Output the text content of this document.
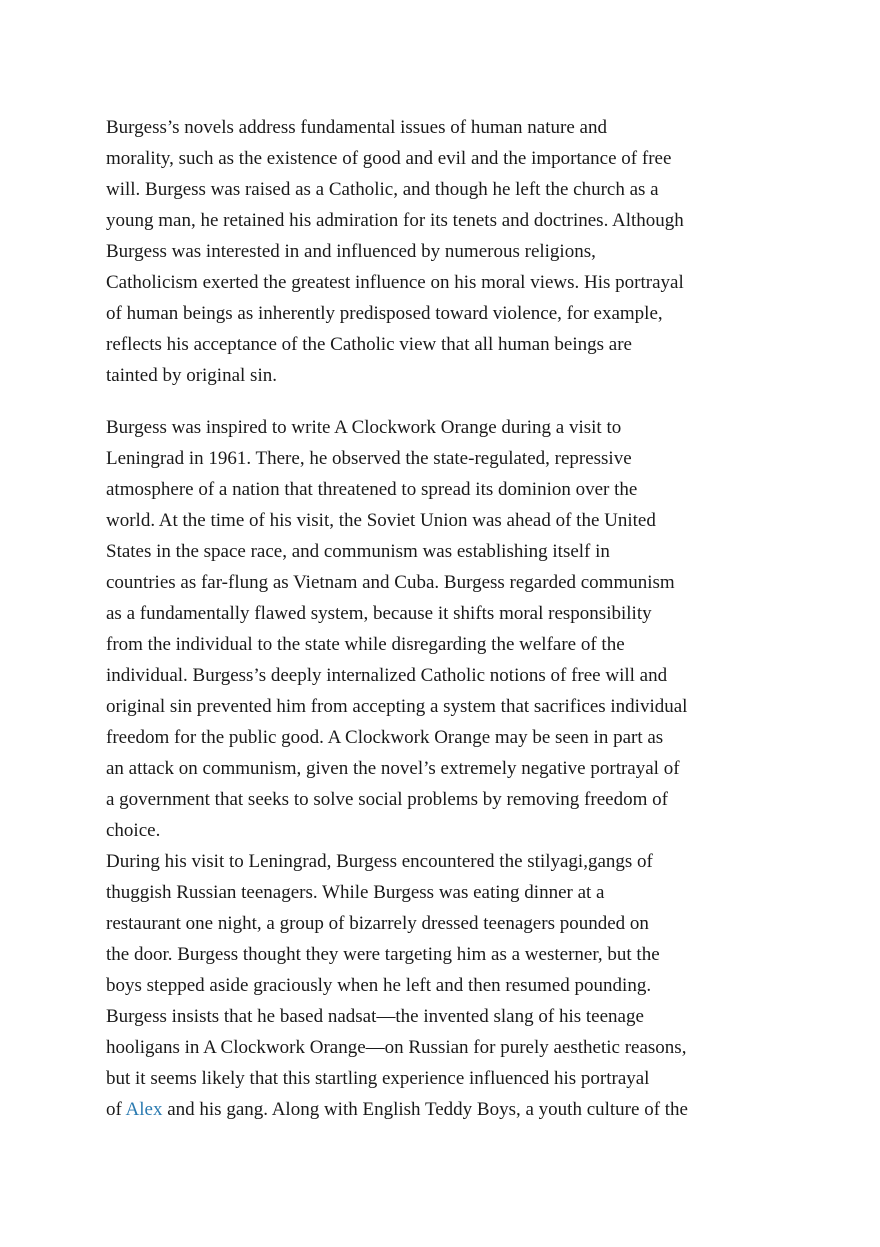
Burgess’s novels address fundamental issues of human nature and
morality, such as the existence of good and evil and the importance of free
will. Burgess was raised as a Catholic, and though he left the church as a
young man, he retained his admiration for its tenets and doctrines. Although
Burgess was interested in and influenced by numerous religions,
Catholicism exerted the greatest influence on his moral views. His portrayal
of human beings as inherently predisposed toward violence, for example,
reflects his acceptance of the Catholic view that all human beings are
tainted by original sin.
Burgess was inspired to write A Clockwork Orange during a visit to
Leningrad in 1961. There, he observed the state-regulated, repressive
atmosphere of a nation that threatened to spread its dominion over the
world. At the time of his visit, the Soviet Union was ahead of the United
States in the space race, and communism was establishing itself in
countries as far-flung as Vietnam and Cuba. Burgess regarded communism
as a fundamentally flawed system, because it shifts moral responsibility
from the individual to the state while disregarding the welfare of the
individual. Burgess’s deeply internalized Catholic notions of free will and
original sin prevented him from accepting a system that sacrifices individual
freedom for the public good. A Clockwork Orange may be seen in part as
an attack on communism, given the novel’s extremely negative portrayal of
a government that seeks to solve social problems by removing freedom of
choice.
During his visit to Leningrad, Burgess encountered the stilyagi,gangs of
thuggish Russian teenagers. While Burgess was eating dinner at a
restaurant one night, a group of bizarrely dressed teenagers pounded on
the door. Burgess thought they were targeting him as a westerner, but the
boys stepped aside graciously when he left and then resumed pounding.
Burgess insists that he based nadsat—the invented slang of his teenage
hooligans in A Clockwork Orange—on Russian for purely aesthetic reasons,
but it seems likely that this startling experience influenced his portrayal
of Alex and his gang. Along with English Teddy Boys, a youth culture of the
